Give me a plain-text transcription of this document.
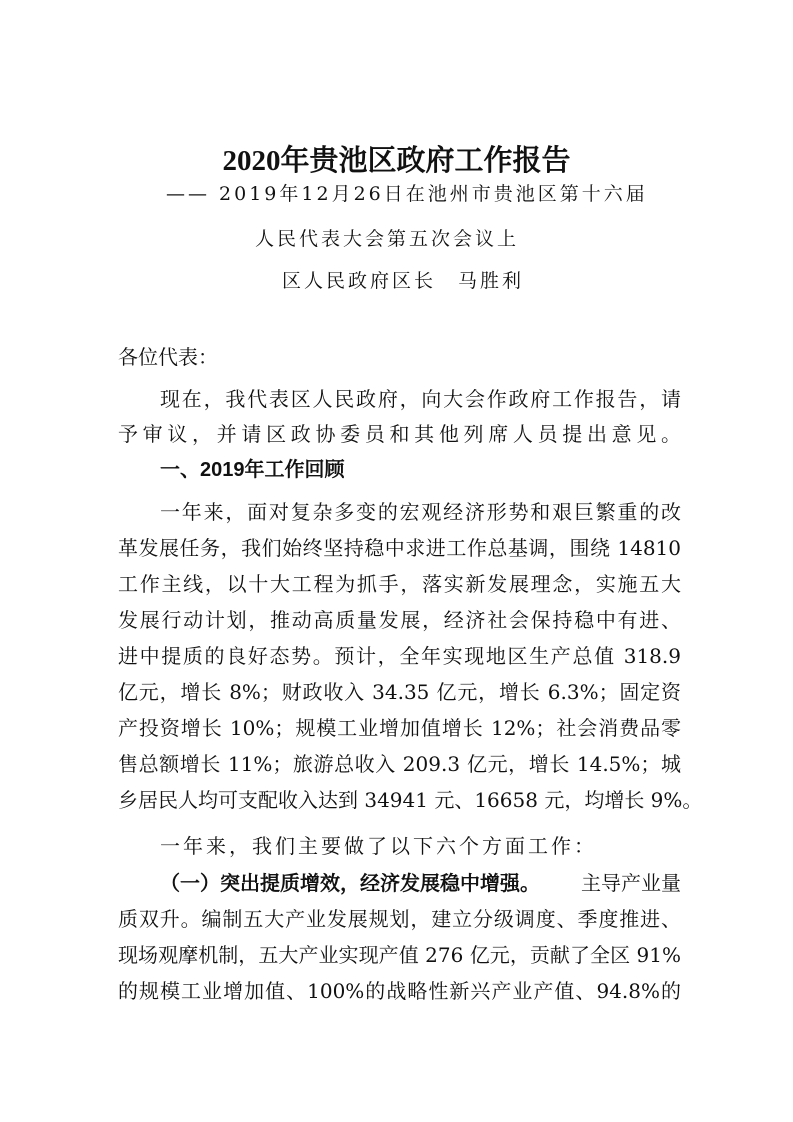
2020年贵池区政府工作报告
—— 2019年12月26日在池州市贵池区第十六届
人民代表大会第五次会议上
区人民政府区长　马胜利
各位代表：
现在，我代表区人民政府，向大会作政府工作报告，请
予审议，并请区政协委员和其他列席人员提出意见。
一、2019年工作回顾
一年来，面对复杂多变的宏观经济形势和艰巨繁重的改
革发展任务，我们始终坚持稳中求进工作总基调，围绕 14810
工作主线，以十大工程为抓手，落实新发展理念，实施五大
发展行动计划，推动高质量发展，经济社会保持稳中有进、
进中提质的良好态势。预计，全年实现地区生产总值 318.9
亿元，增长 8%；财政收入 34.35 亿元，增长 6.3%；固定资
产投资增长 10%；规模工业增加值增长 12%；社会消费品零
售总额增长 11%；旅游总收入 209.3 亿元，增长 14.5%；城
乡居民人均可支配收入达到 34941 元、16658 元，均增长 9%。
一年来，我们主要做了以下六个方面工作：
（一）突出提质增效，经济发展稳中增强。 主导产业量
质双升。编制五大产业发展规划，建立分级调度、季度推进、
现场观摩机制，五大产业实现产值 276 亿元，贡献了全区 91%
的规模工业增加值、100%的战略性新兴产业产值、94.8%的
